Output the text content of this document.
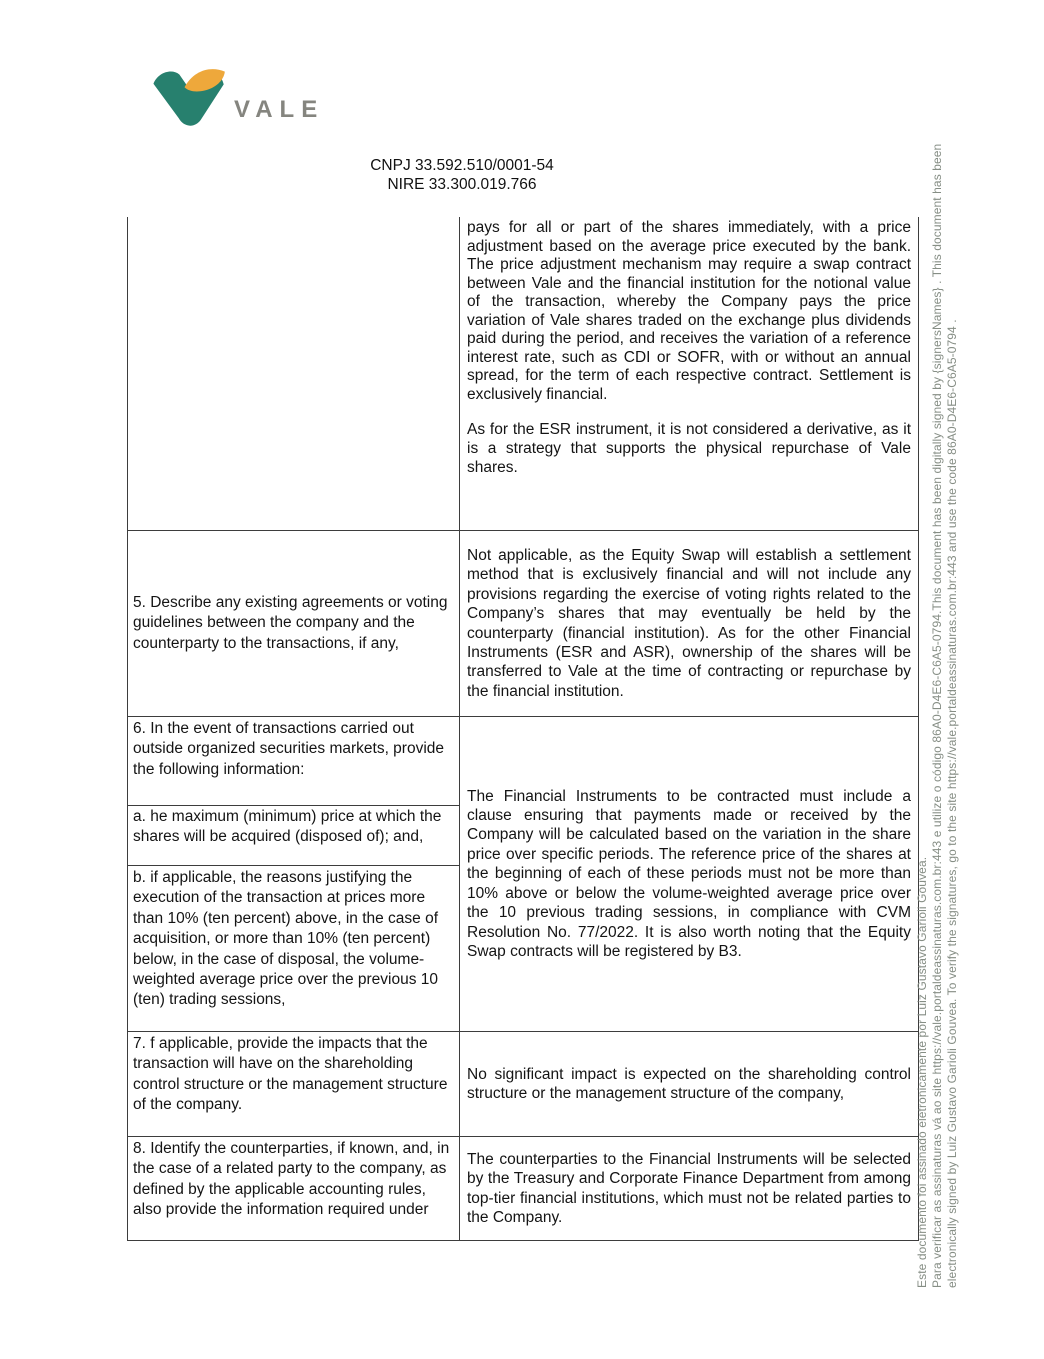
VALE
CNPJ 33.592.510/0001-54
NIRE 33.300.019.766

	pays for all or part of the shares immediately, with a price adjustment based on the average price executed by the bank. The price adjustment mechanism may require a swap contract between Vale and the financial institution for the notional value of the transaction, whereby the Company pays the price variation of Vale shares traded on the exchange plus dividends paid during the period, and receives the variation of a reference interest rate, such as CDI or SOFR, with or without an annual spread, for the term of each respective contract. Settlement is exclusively financial.

As for the ESR instrument, it is not considered a derivative, as it is a strategy that supports the physical repurchase of Vale shares.

5. Describe any existing agreements or voting guidelines between the company and the counterparty to the transactions, if any,	Not applicable, as the Equity Swap will establish a settlement method that is exclusively financial and will not include any provisions regarding the exercise of voting rights related to the Company’s shares that may eventually be held by the counterparty (financial institution). As for the other Financial Instruments (ESR and ASR), ownership of the shares will be transferred to Vale at the time of contracting or repurchase by the financial institution.
6. In the event of transactions carried out outside organized securities markets, provide the following information:	The Financial Instruments to be contracted must include a clause ensuring that payments made or received by the Company will be calculated based on the variation in the share price over specific periods. The reference price of the shares at the beginning of each of these periods must not be more than 10% above or below the volume-weighted average price over the 10 previous trading sessions, in compliance with CVM Resolution No. 77/2022. It is also worth noting that the Equity Swap contracts will be registered by B3.
a. he maximum (minimum) price at which the shares will be acquired (disposed of); and,	
b. if applicable, the reasons justifying the execution of the transaction at prices more than 10% (ten percent) above, in the case of acquisition, or more than 10% (ten percent) below, in the case of disposal, the volume-weighted average price over the previous 10 (ten) trading sessions,	
7. f applicable, provide the impacts that the transaction will have on the shareholding control structure or the management structure of the company.	No significant impact is expected on the shareholding control structure or the management structure of the company,
8. Identify the counterparties, if known, and, in the case of a related party to the company, as defined by the applicable accounting rules, also provide the information required under	The counterparties to the Financial Instruments will be selected by the Treasury and Corporate Finance Department from among top-tier financial institutions, which must not be related parties to the Company.	Este documento foi assinado eletronicamente por Luiz Gustavo Garioli Gouvea. Para verificar as assinaturas vá ao site https://vale.portaldeassinaturas.com.br:443 e utilize o código 86A0-D4E6-C6A5-0794.This document has been digitally signed by {signersNames} . This document has been electronically signed by Luiz Gustavo Garioli Gouvea. To verify the signatures, go to the site https://vale.portaldeassinaturas.com.br:443 and use the code 86A0-D4E6-C6A5-0794 .
